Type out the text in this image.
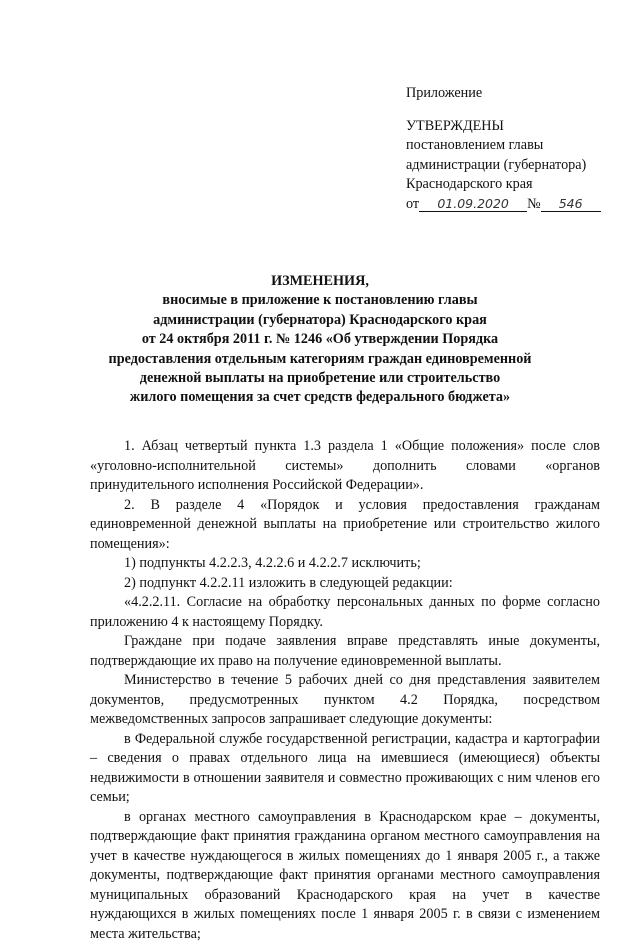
Приложение
УТВЕРЖДЕНЫ
постановлением главы
администрации (губернатора)
Краснодарского края
от 01.09.2020 № 546
ИЗМЕНЕНИЯ,
вносимые в приложение к постановлению главы
администрации (губернатора) Краснодарского края
от 24 октября 2011 г. № 1246 «Об утверждении Порядка
предоставления отдельным категориям граждан единовременной
денежной выплаты на приобретение или строительство
жилого помещения за счет средств федерального бюджета»

1. Абзац четвертый пункта 1.3 раздела 1 «Общие положения» после слов «уголовно-исполнительной системы» дополнить словами «органов принудительного исполнения Российской Федерации».

2. В разделе 4 «Порядок и условия предоставления гражданам единовременной денежной выплаты на приобретение или строительство жилого помещения»:

1) подпункты 4.2.2.3, 4.2.2.6 и 4.2.2.7 исключить;

2) подпункт 4.2.2.11 изложить в следующей редакции:

«4.2.2.11. Согласие на обработку персональных данных по форме согласно приложению 4 к настоящему Порядку.

Граждане при подаче заявления вправе представлять иные документы, подтверждающие их право на получение единовременной выплаты.

Министерство в течение 5 рабочих дней со дня представления заявителем документов, предусмотренных пунктом 4.2 Порядка, посредством межведомственных запросов запрашивает следующие документы:

в Федеральной службе государственной регистрации, кадастра и картографии – сведения о правах отдельного лица на имевшиеся (имеющиеся) объекты недвижимости в отношении заявителя и совместно проживающих с ним членов его семьи;

в органах местного самоуправления в Краснодарском крае – документы, подтверждающие факт принятия гражданина органом местного самоуправления на учет в качестве нуждающегося в жилых помещениях до 1 января 2005 г., а также документы, подтверждающие факт принятия органами местного самоуправления муниципальных образований Краснодарского края на учет в качестве нуждающихся в жилых помещениях после 1 января 2005 г. в связи с изменением места жительства;
